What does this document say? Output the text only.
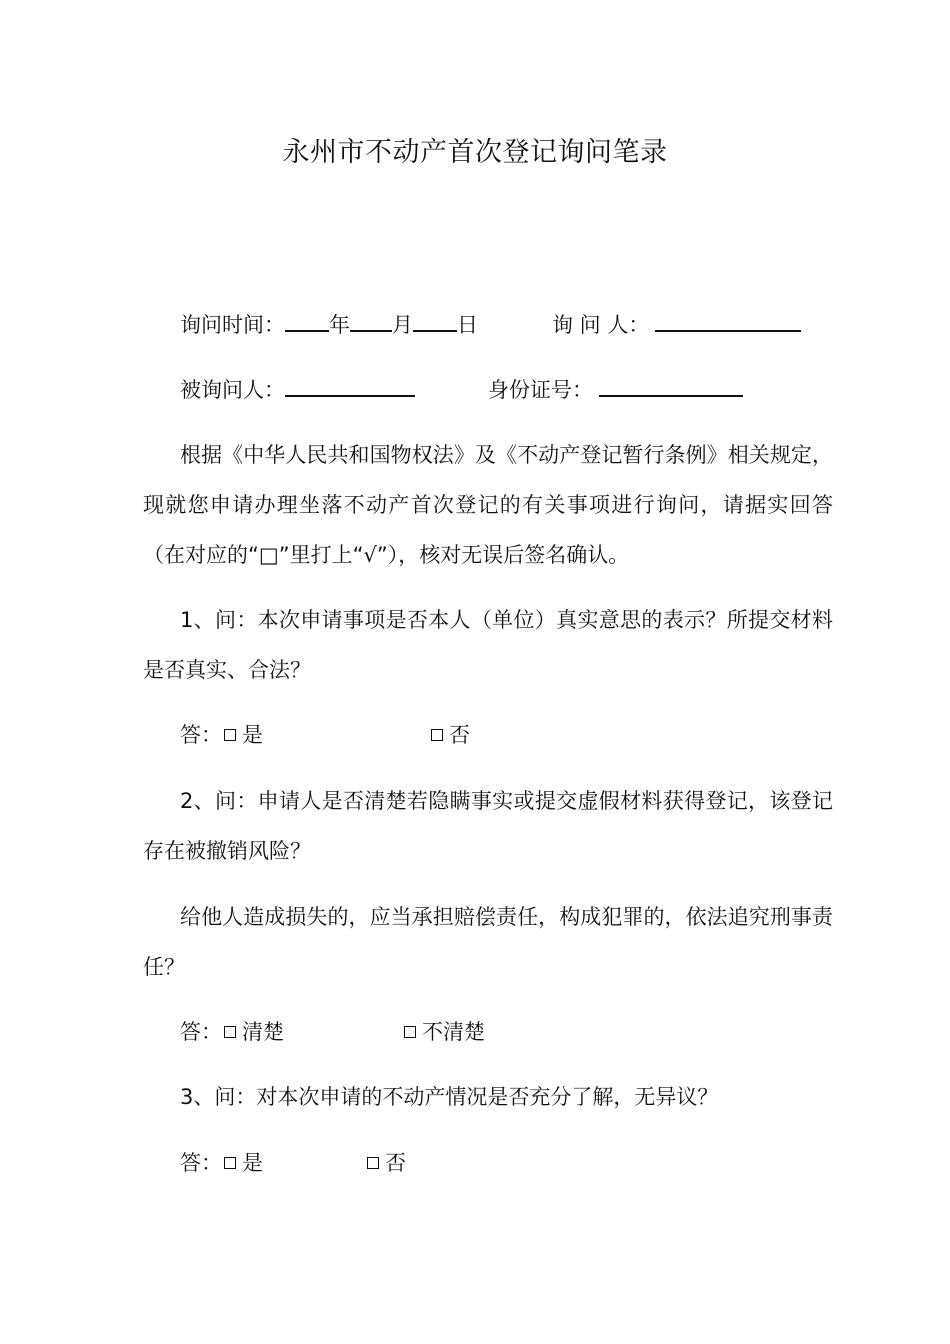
永州市不动产首次登记询问笔录
询问时间： 年 月 日	询 问 人：
被询问人：	身份证号：
根据《中华人民共和国物权法》及《不动产登记暂行条例》相关规定，现就您申请办理坐落不动产首次登记的有关事项进行询问，请据实回答（在对应的“□”里打上“√”），核对无误后签名确认。
1、问：本次申请事项是否本人（单位）真实意思的表示？所提交材料是否真实、合法？
答： 是	否
2、问：申请人是否清楚若隐瞒事实或提交虚假材料获得登记，该登记存在被撤销风险？
给他人造成损失的，应当承担赔偿责任，构成犯罪的，依法追究刑事责任？
答： 清楚	不清楚
3、问：对本次申请的不动产情况是否充分了解，无异议？
答： 是	否
